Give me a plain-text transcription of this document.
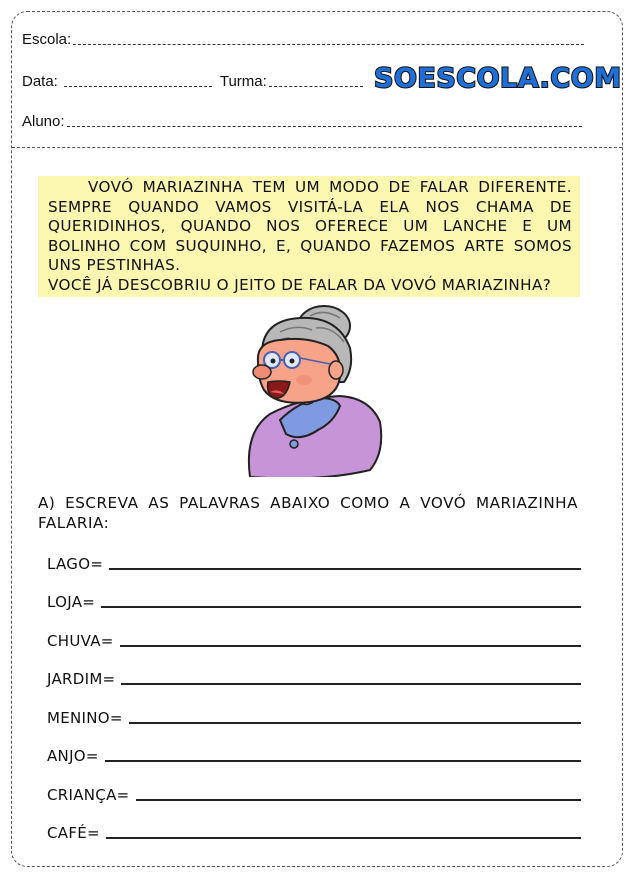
Escola:
Data:	Turma:	SOESCOLA.COM
Aluno:

VOVÓ MARIAZINHA TEM UM MODO DE FALAR DIFERENTE. SEMPRE QUANDO VAMOS VISITÁ-LA ELA NOS CHAMA DE QUERIDINHOS, QUANDO NOS OFERECE UM LANCHE E UM BOLINHO COM SUQUINHO, E, QUANDO FAZEMOS ARTE SOMOS UNS PESTINHAS.

VOCÊ JÁ DESCOBRIU O JEITO DE FALAR DA VOVÓ MARIAZINHA?

A) ESCREVA AS PALAVRAS ABAIXO COMO A VOVÓ MARIAZINHA FALARIA:
LAGO=
LOJA=
CHUVA=
JARDIM=
MENINO=
ANJO=
CRIANÇA=
CAFÉ=
